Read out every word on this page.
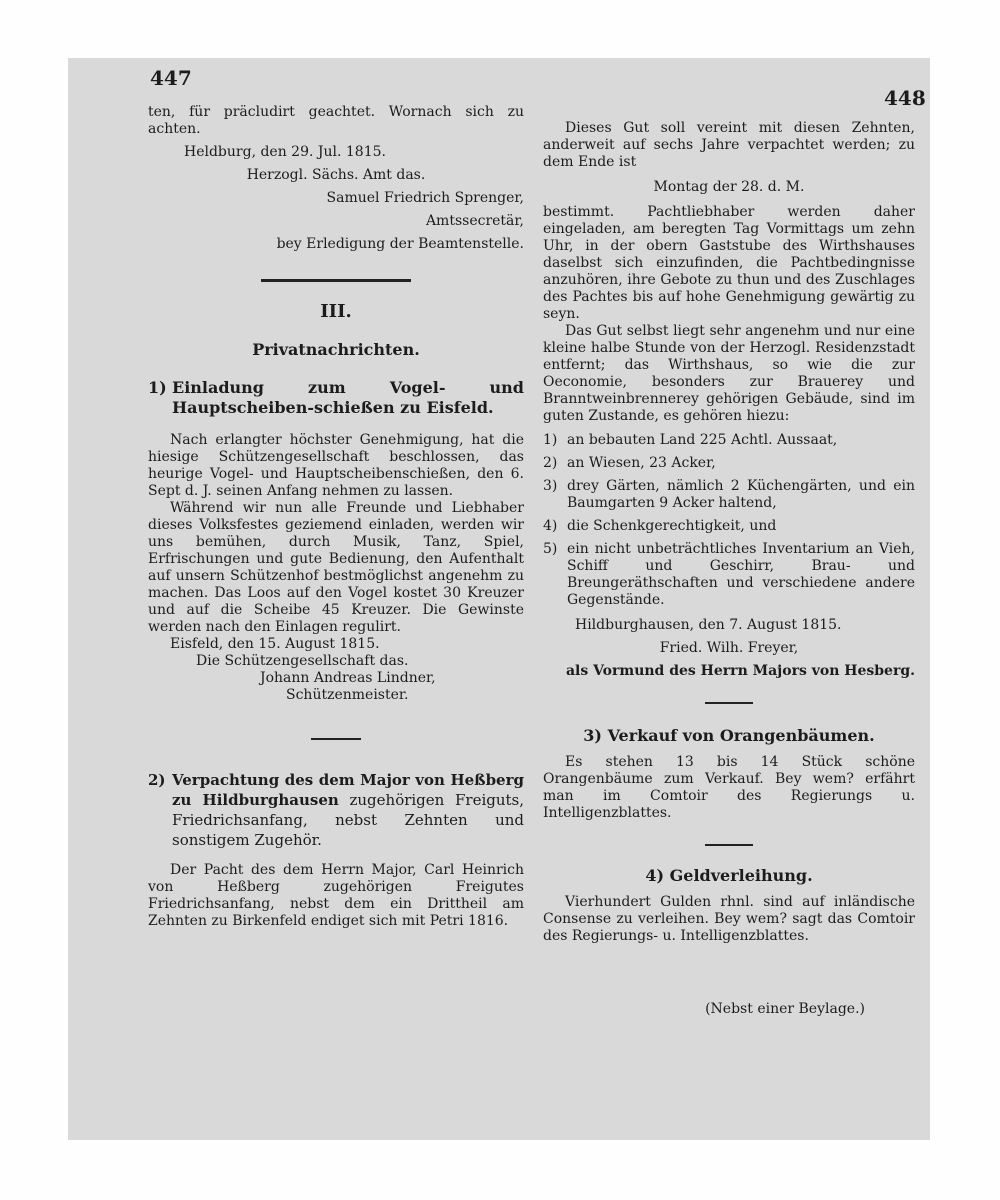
447
448

ten, für präcludirt geachtet. Wornach sich zu achten.

Heldburg, den 29. Jul. 1815.

Herzogl. Sächs. Amt das.

Samuel Friedrich Sprenger,

Amtssecretär,

bey Erledigung der Beamtenstelle.

III.

Privatnachrichten.

1) Einladung zum Vogel- und Hauptscheiben-schießen zu Eisfeld.

Nach erlangter höchster Genehmigung, hat die hiesige Schützengesellschaft beschlossen, das heurige Vogel- und Hauptscheibenschießen, den 6. Sept d. J. seinen Anfang nehmen zu lassen.

Während wir nun alle Freunde und Liebhaber dieses Volksfestes geziemend einladen, werden wir uns bemühen, durch Musik, Tanz, Spiel, Erfrischungen und gute Bedienung, den Aufenthalt auf unsern Schützenhof bestmöglichst angenehm zu machen. Das Loos auf den Vogel kostet 30 Kreuzer und auf die Scheibe 45 Kreuzer. Die Gewinste werden nach den Einlagen regulirt.

Eisfeld, den 15. August 1815.

Die Schützengesellschaft das.

Johann Andreas Lindner,

Schützenmeister.

2) Verpachtung des dem Major von Heßberg zu Hildburghausen zugehörigen Freiguts, Friedrichsanfang, nebst Zehnten und sonstigem Zugehör.

Der Pacht des dem Herrn Major, Carl Heinrich von Heßberg zugehörigen Freigutes Friedrichsanfang, nebst dem ein Drittheil am Zehnten zu Birkenfeld endiget sich mit Petri 1816.

Dieses Gut soll vereint mit diesen Zehnten, anderweit auf sechs Jahre verpachtet werden; zu dem Ende ist

Montag der 28. d. M.

bestimmt. Pachtliebhaber werden daher eingeladen, am beregten Tag Vormittags um zehn Uhr, in der obern Gaststube des Wirthshauses daselbst sich einzufinden, die Pachtbedingnisse anzuhören, ihre Gebote zu thun und des Zuschlages des Pachtes bis auf hohe Genehmigung gewärtig zu seyn.

Das Gut selbst liegt sehr angenehm und nur eine kleine halbe Stunde von der Herzogl. Residenzstadt entfernt; das Wirthshaus, so wie die zur Oeconomie, besonders zur Brauerey und Branntweinbrennerey gehörigen Gebäude, sind im guten Zustande, es gehören hiezu:

1) an bebauten Land 225 Achtl. Aussaat,
2) an Wiesen, 23 Acker,
3) drey Gärten, nämlich 2 Küchengärten, und ein Baumgarten 9 Acker haltend,
4) die Schenkgerechtigkeit, und
5) ein nicht unbeträchtliches Inventarium an Vieh, Schiff und Geschirr, Brau- und Breungeräthschaften und verschiedene andere Gegenstände.

Hildburghausen, den 7. August 1815.

Fried. Wilh. Freyer,

als Vormund des Herrn Majors von Hesberg.

3) Verkauf von Orangenbäumen.

Es stehen 13 bis 14 Stück schöne Orangenbäume zum Verkauf. Bey wem? erfährt man im Comtoir des Regierungs u. Intelligenzblattes.

4) Geldverleihung.

Vierhundert Gulden rhnl. sind auf inländische Consense zu verleihen. Bey wem? sagt das Comtoir des Regierungs- u. Intelligenzblattes.

(Nebst einer Beylage.)
